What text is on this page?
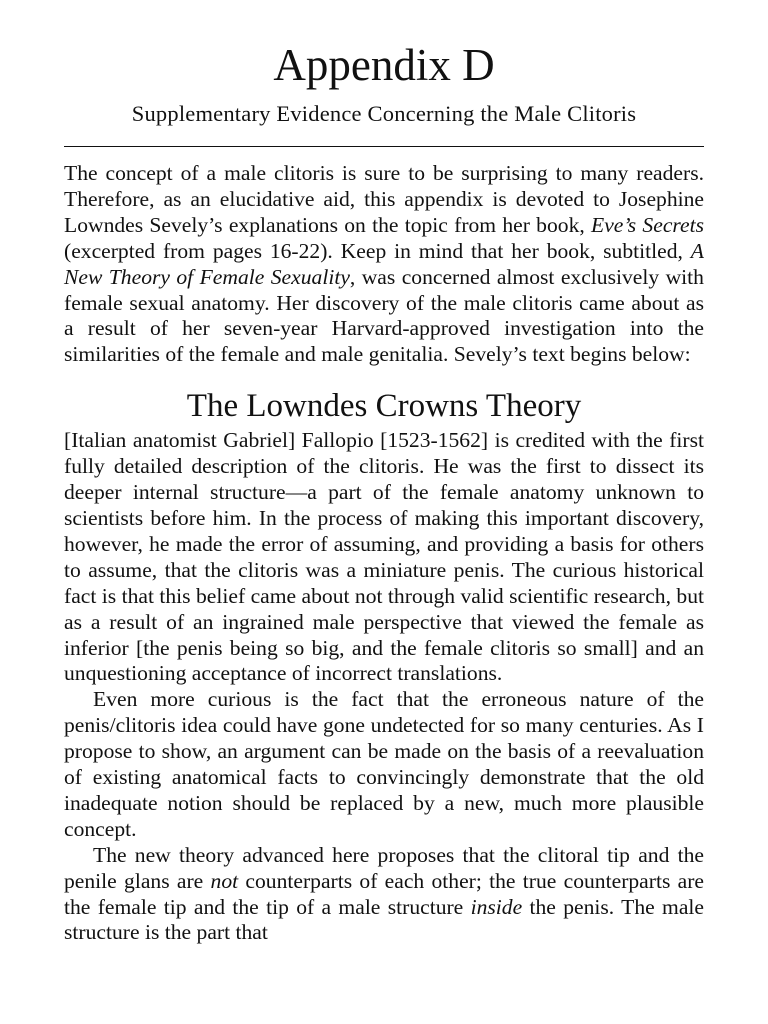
Appendix D
Supplementary Evidence Concerning the Male Clitoris

The concept of a male clitoris is sure to be surprising to many readers. Therefore, as an elucidative aid, this appendix is devoted to Josephine Lowndes Sevely’s explanations on the topic from her book, Eve’s Secrets (excerpted from pages 16-22). Keep in mind that her book, subtitled, A New Theory of Female Sexuality, was concerned almost exclusively with female sexual anatomy. Her discovery of the male clitoris came about as a result of her seven-year Harvard-approved investigation into the similarities of the female and male genitalia. Sevely’s text begins below:

The Lowndes Crowns Theory

[Italian anatomist Gabriel] Fallopio [1523-1562] is credited with the first fully detailed description of the clitoris. He was the first to dissect its deeper internal structure—a part of the female anatomy unknown to scientists before him. In the process of making this important discovery, however, he made the error of assuming, and providing a basis for others to assume, that the clitoris was a miniature penis. The curious historical fact is that this belief came about not through valid scientific research, but as a result of an ingrained male perspective that viewed the female as inferior [the penis being so big, and the female clitoris so small] and an unquestioning acceptance of incorrect translations.

Even more curious is the fact that the erroneous nature of the penis/clitoris idea could have gone undetected for so many centuries. As I propose to show, an argument can be made on the basis of a reevaluation of existing anatomical facts to convincingly demonstrate that the old inadequate notion should be replaced by a new, much more plausible concept.

The new theory advanced here proposes that the clitoral tip and the penile glans are not counterparts of each other; the true counterparts are the female tip and the tip of a male structure inside the penis. The male structure is the part that
